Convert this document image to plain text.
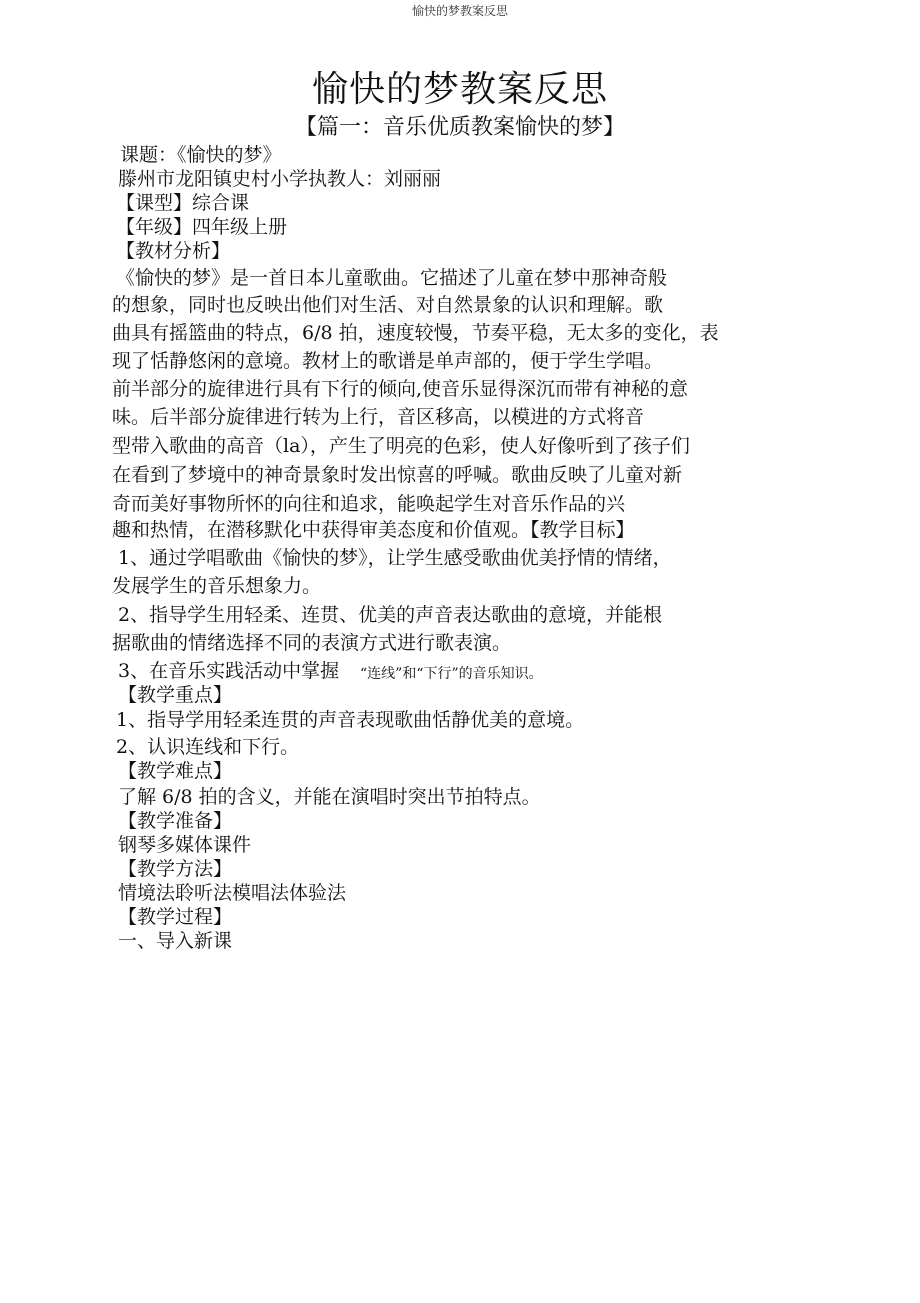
愉快的梦教案反思
愉快的梦教案反思
【篇一：音乐优质教案愉快的梦】
课题：《愉快的梦》
滕州市龙阳镇史村小学执教人：刘丽丽
【课型】综合课
【年级】四年级上册
【教材分析】
《愉快的梦》是一首日本儿童歌曲。它描述了儿童在梦中那神奇般
的想象，同时也反映出他们对生活、对自然景象的认识和理解。歌
曲具有摇篮曲的特点，6/8 拍，速度较慢，节奏平稳，无太多的变化，表
现了恬静悠闲的意境。教材上的歌谱是单声部的，便于学生学唱。
前半部分的旋律进行具有下行的倾向,使音乐显得深沉而带有神秘的意
味。后半部分旋律进行转为上行，音区移高，以模进的方式将音
型带入歌曲的高音（la），产生了明亮的色彩，使人好像听到了孩子们
在看到了梦境中的神奇景象时发出惊喜的呼喊。歌曲反映了儿童对新
奇而美好事物所怀的向往和追求，能唤起学生对音乐作品的兴
趣和热情，在潜移默化中获得审美态度和价值观。【教学目标】
1、通过学唱歌曲《愉快的梦》，让学生感受歌曲优美抒情的情绪，
发展学生的音乐想象力。
2、指导学生用轻柔、连贯、优美的声音表达歌曲的意境，并能根
据歌曲的情绪选择不同的表演方式进行歌表演。
3、在音乐实践活动中掌握 “连线”和“下行”的音乐知识。
【教学重点】
1、指导学用轻柔连贯的声音表现歌曲恬静优美的意境。
2、认识连线和下行。
【教学难点】
了解 6/8 拍的含义，并能在演唱时突出节拍特点。
【教学准备】
钢琴多媒体课件
【教学方法】
情境法聆听法模唱法体验法
【教学过程】
一、导入新课
